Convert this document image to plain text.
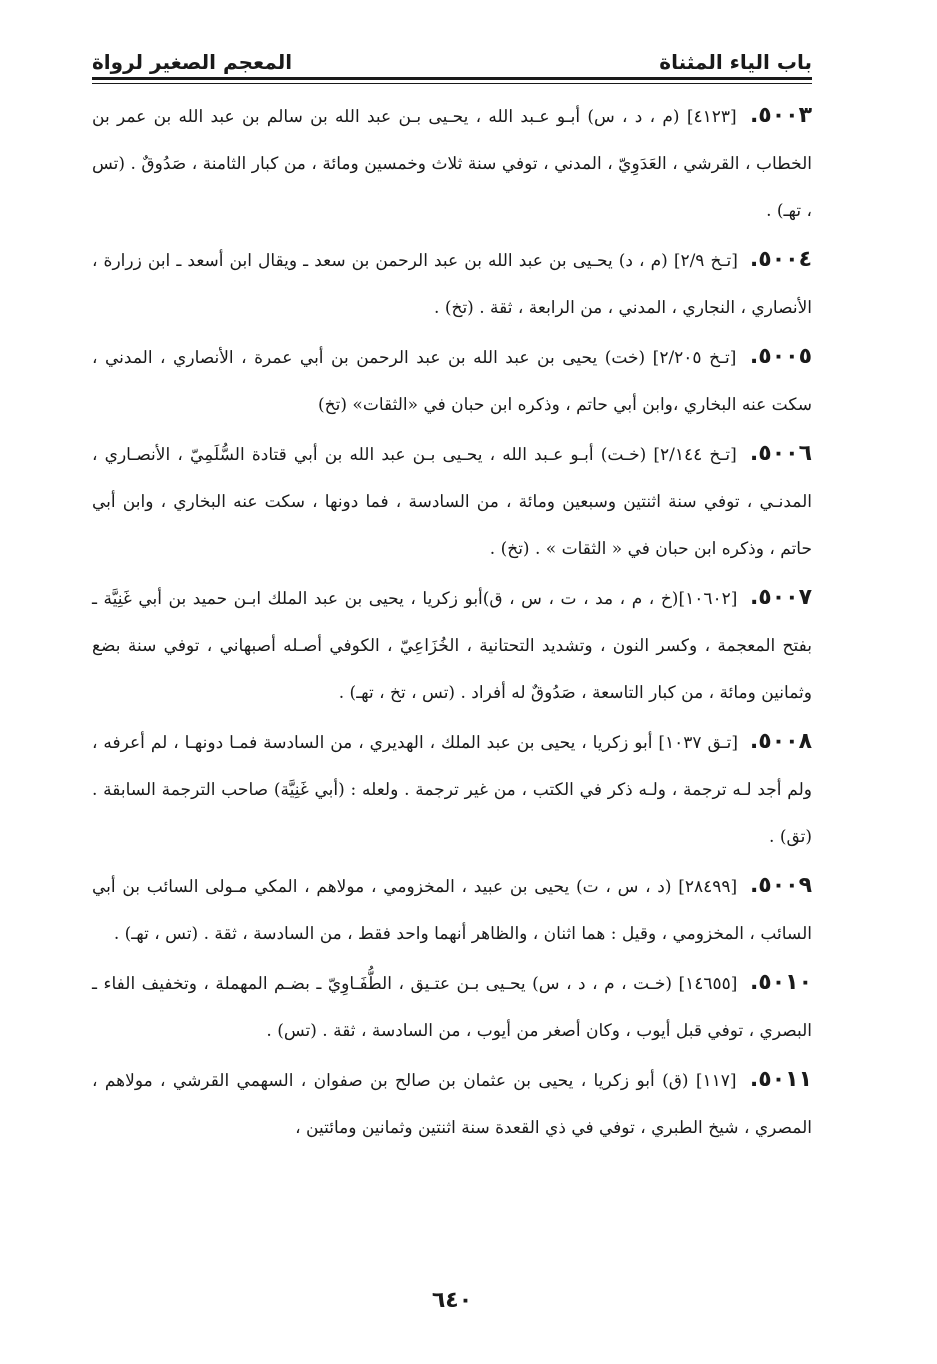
باب الياء المثناة
المعجم الصغير لرواة

٥٠٠٣. [٤١٢٣] (م ، د ، س) أبـو عـبد الله ، يحـيى بـن عبد الله بن سالم بن عبد الله بن عمر بن الخطاب ، القرشي ، العَدَوِيّ ، المدني ، توفي سنة ثلاث وخمسين ومائة ، من كبار الثامنة ، صَدُوقٌ . (تس ، تهـ) .

٥٠٠٤. [تـخ ٢/٩] (م ، د) يحـيى بن عبد الله بن عبد الرحمن بن سعد ـ ويقال ابن أسعد ـ ابن زرارة ، الأنصاري ، النجاري ، المدني ، من الرابعة ، ثقة . (تخ) .

٥٠٠٥. [تـخ ٢/٢٠٥] (خت) يحيى بن عبد الله بن عبد الرحمن بن أبي عمرة ، الأنصاري ، المدني ، سكت عنه البخاري ،وابن أبي حاتم ، وذكره ابن حبان في «الثقات» (تخ)

٥٠٠٦. [تـخ ٢/١٤٤] (خـت) أبـو عـبد الله ، يحـيى بـن عبد الله بن أبي قتادة السُّلَمِيّ ، الأنصـاري ، المدنـي ، توفي سنة اثنتين وسبعين ومائة ، من السادسة ، فما دونها ، سكت عنه البخاري ، وابن أبي حاتم ، وذكره ابن حبان في « الثقات » . (تخ) .

٥٠٠٧. [١٠٦٠٢](خ ، م ، مد ، ت ، س ، ق)أبو زكريا ، يحيى بن عبد الملك ابـن حميد بن أبي غَنِيَّة ـ بفتح المعجمة ، وكسر النون ، وتشديد التحتانية ، الخُزَاعِيّ ، الكوفي أصـله أصبهاني ، توفي سنة بضع وثمانين ومائة ، من كبار التاسعة ، صَدُوقٌ له أفراد . (تس ، تخ ، تهـ) .

٥٠٠٨. [تـق ١٠٣٧] أبو زكريا ، يحيى بن عبد الملك ، الهديري ، من السادسة فمـا دونهـا ، لم أعرفه ، ولم أجد لـه ترجمة ، ولـه ذكر في الكتب ، من غير ترجمة . ولعله : (أبي غَنِيَّة) صاحب الترجمة السابقة . (تق) .

٥٠٠٩. [٢٨٤٩٩] (د ، س ، ت) يحيى بن عبيد ، المخزومي ، مولاهم ، المكي مـولى السائب بن أبي السائب ، المخزومي ، وقيل : هما اثنان ، والظاهر أنهما واحد فقط ، من السادسة ، ثقة . (تس ، تهـ) .

٥٠١٠. [١٤٦٥٥] (خـت ، م ، د ، س) يحـيى بـن عتـيق ، الطُّفَـاوِيّ ـ بضـم المهملة ، وتخفيف الفاء ـ البصري ، توفي قبل أيوب ، وكان أصغر من أيوب ، من السادسة ، ثقة . (تس) .

٥٠١١. [١١٧] (ق) أبو زكريا ، يحيى بن عثمان بن صالح بن صفوان ، السهمي القرشي ، مولاهم ، المصري ، شيخ الطبري ، توفي في ذي القعدة سنة اثنتين وثمانين ومائتين ،

٦٤٠
